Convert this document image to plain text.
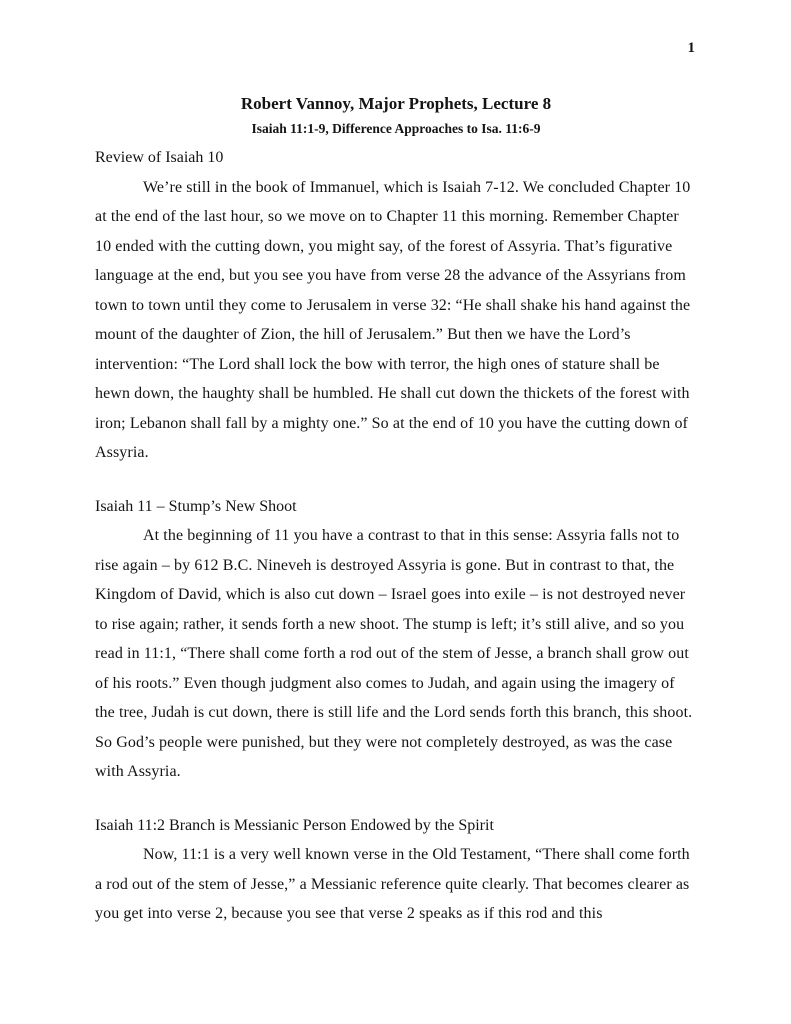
1
Robert Vannoy, Major Prophets, Lecture 8
Isaiah 11:1-9, Difference Approaches to Isa. 11:6-9
Review of Isaiah 10

We’re still in the book of Immanuel, which is Isaiah 7-12. We concluded Chapter 10 at the end of the last hour, so we move on to Chapter 11 this morning. Remember Chapter 10 ended with the cutting down, you might say, of the forest of Assyria. That’s figurative language at the end, but you see you have from verse 28 the advance of the Assyrians from town to town until they come to Jerusalem in verse 32: “He shall shake his hand against the mount of the daughter of Zion, the hill of Jerusalem.” But then we have the Lord’s intervention: “The Lord shall lock the bow with terror, the high ones of stature shall be hewn down, the haughty shall be humbled. He shall cut down the thickets of the forest with iron; Lebanon shall fall by a mighty one.” So at the end of 10 you have the cutting down of Assyria.

Isaiah 11 – Stump’s New Shoot

At the beginning of 11 you have a contrast to that in this sense: Assyria falls not to rise again – by 612 B.C. Nineveh is destroyed Assyria is gone. But in contrast to that, the Kingdom of David, which is also cut down – Israel goes into exile – is not destroyed never to rise again; rather, it sends forth a new shoot. The stump is left; it’s still alive, and so you read in 11:1, “There shall come forth a rod out of the stem of Jesse, a branch shall grow out of his roots.” Even though judgment also comes to Judah, and again using the imagery of the tree, Judah is cut down, there is still life and the Lord sends forth this branch, this shoot. So God’s people were punished, but they were not completely destroyed, as was the case with Assyria.

Isaiah 11:2 Branch is Messianic Person Endowed by the Spirit

Now, 11:1 is a very well known verse in the Old Testament, “There shall come forth a rod out of the stem of Jesse,” a Messianic reference quite clearly. That becomes clearer as you get into verse 2, because you see that verse 2 speaks as if this rod and this
